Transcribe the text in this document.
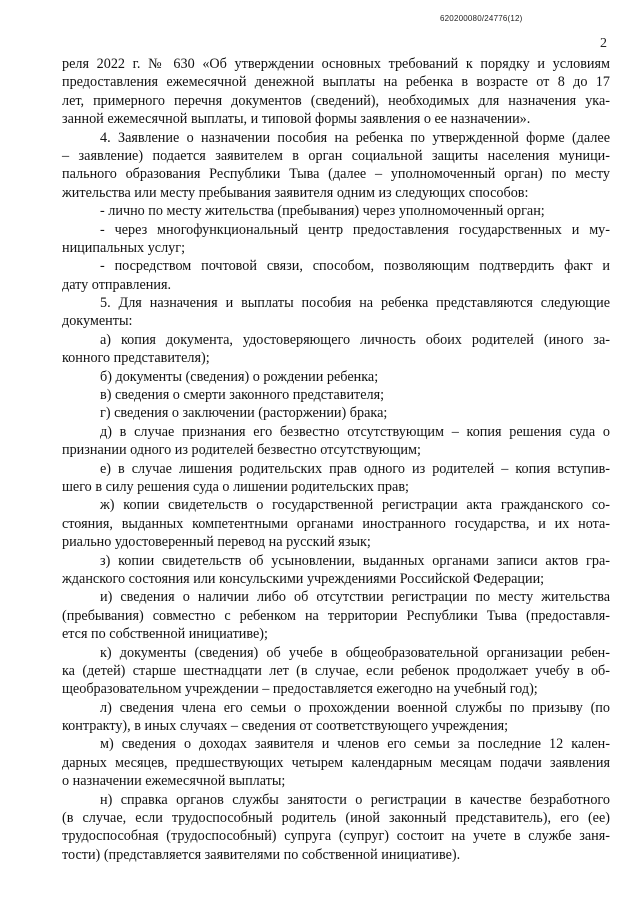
620200080/24776(12)
2
реля 2022 г. № 630 «Об утверждении основных требований к порядку и условиям
предоставления ежемесячной денежной выплаты на ребенка в возрасте от 8 до 17
лет, примерного перечня документов (сведений), необходимых для назначения ука-
занной ежемесячной выплаты, и типовой формы заявления о ее назначении».
4. Заявление о назначении пособия на ребенка по утвержденной форме (далее
– заявление) подается заявителем в орган социальной защиты населения муници-
пального образования Республики Тыва (далее – уполномоченный орган) по месту
жительства или месту пребывания заявителя одним из следующих способов:
- лично по месту жительства (пребывания) через уполномоченный орган;
- через многофункциональный центр предоставления государственных и му-
ниципальных услуг;
- посредством почтовой связи, способом, позволяющим подтвердить факт и
дату отправления.
5. Для назначения и выплаты пособия на ребенка представляются следующие
документы:
а) копия документа, удостоверяющего личность обоих родителей (иного за-
конного представителя);
б) документы (сведения) о рождении ребенка;
в) сведения о смерти законного представителя;
г) сведения о заключении (расторжении) брака;
д) в случае признания его безвестно отсутствующим – копия решения суда о
признании одного из родителей безвестно отсутствующим;
е) в случае лишения родительских прав одного из родителей – копия вступив-
шего в силу решения суда о лишении родительских прав;
ж) копии свидетельств о государственной регистрации акта гражданского со-
стояния, выданных компетентными органами иностранного государства, и их нота-
риально удостоверенный перевод на русский язык;
з) копии свидетельств об усыновлении, выданных органами записи актов гра-
жданского состояния или консульскими учреждениями Российской Федерации;
и) сведения о наличии либо об отсутствии регистрации по месту жительства
(пребывания) совместно с ребенком на территории Республики Тыва (предоставля-
ется по собственной инициативе);
к) документы (сведения) об учебе в общеобразовательной организации ребен-
ка (детей) старше шестнадцати лет (в случае, если ребенок продолжает учебу в об-
щеобразовательном учреждении – предоставляется ежегодно на учебный год);
л) сведения члена его семьи о прохождении военной службы по призыву (по
контракту), в иных случаях – сведения от соответствующего учреждения;
м) сведения о доходах заявителя и членов его семьи за последние 12 кален-
дарных месяцев, предшествующих четырем календарным месяцам подачи заявления
о назначении ежемесячной выплаты;
н) справка органов службы занятости о регистрации в качестве безработного
(в случае, если трудоспособный родитель (иной законный представитель), его (ее)
трудоспособная (трудоспособный) супруга (супруг) состоит на учете в службе заня-
тости) (представляется заявителями по собственной инициативе).
